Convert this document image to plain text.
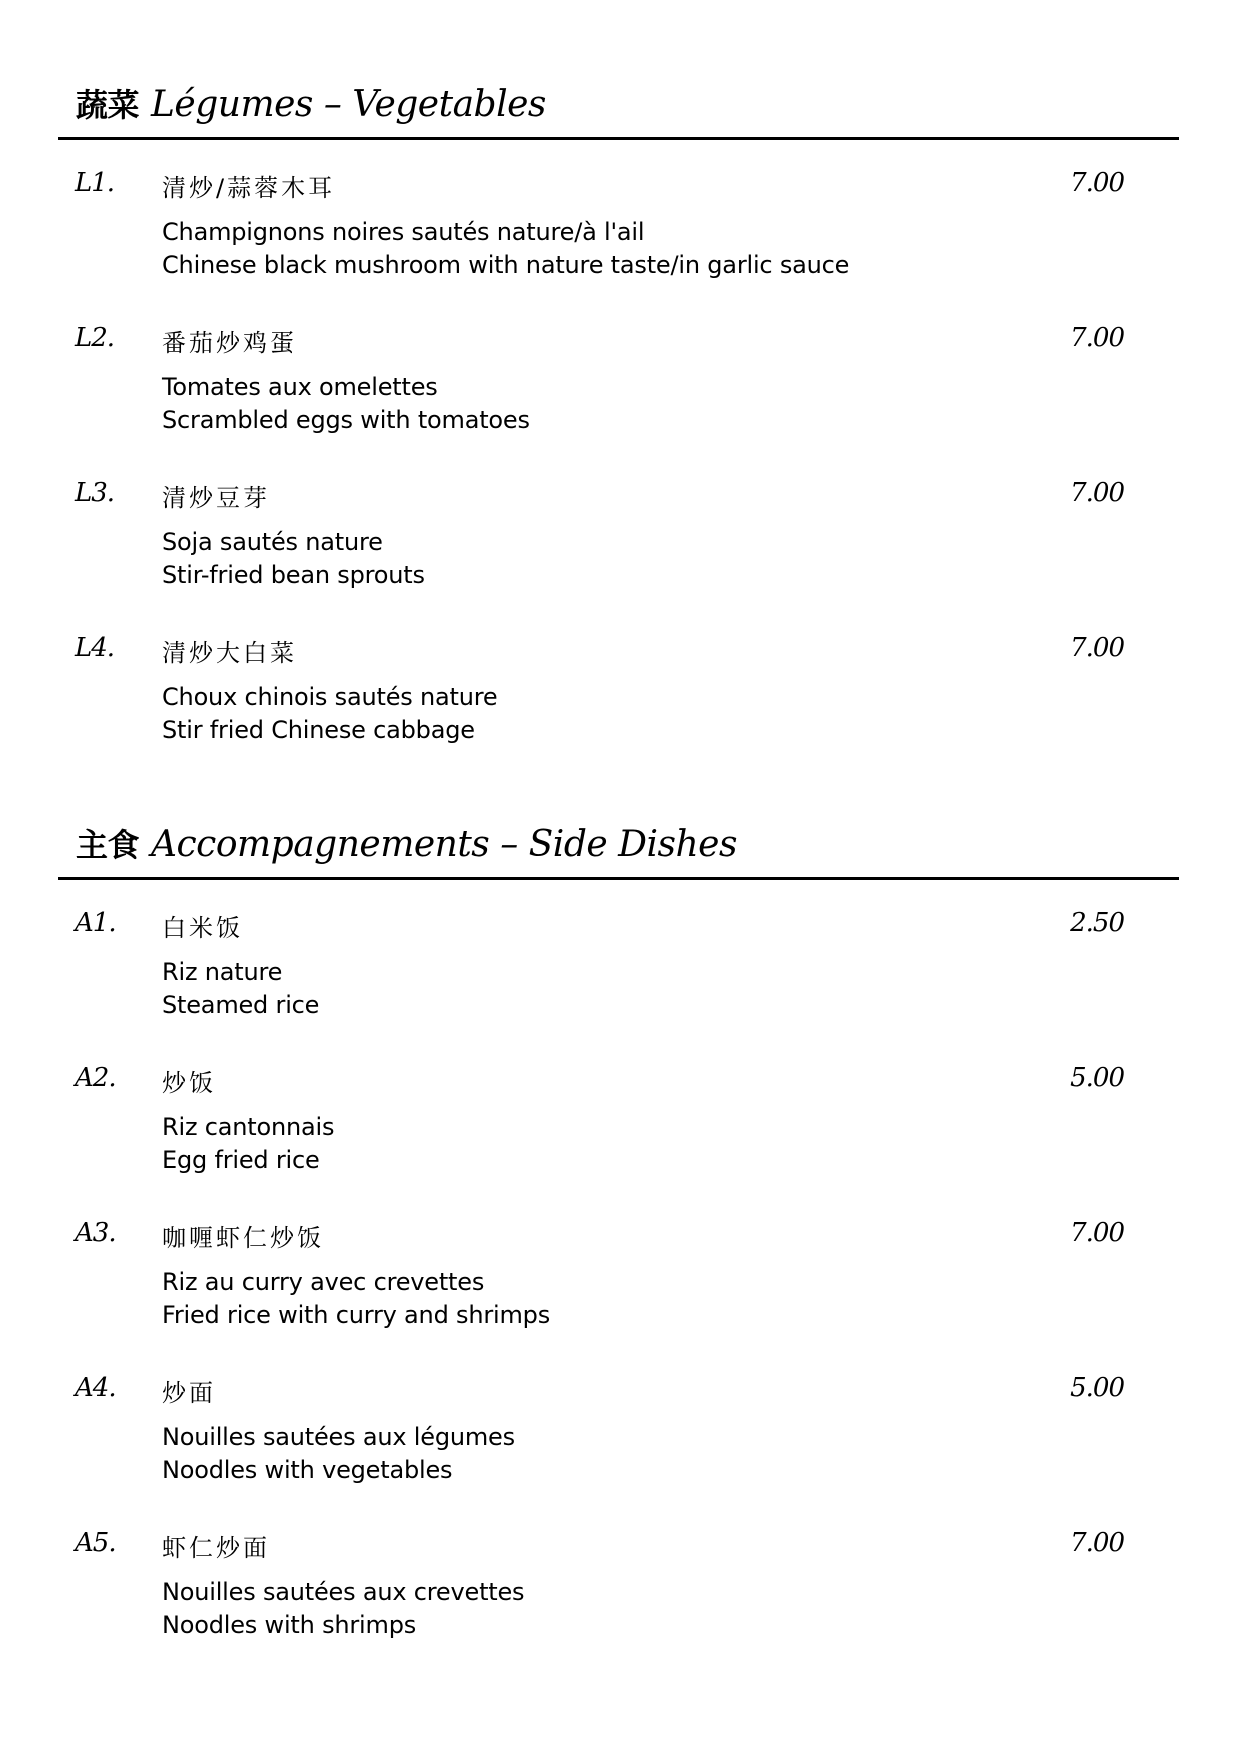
蔬菜 Légumes – Vegetables
L1. 清炒/蒜蓉木耳	7.00
Champignons noires sautés nature/à l'ail
Chinese black mushroom with nature taste/in garlic sauce
L2. 番茄炒鸡蛋	7.00
Tomates aux omelettes
Scrambled eggs with tomatoes
L3. 清炒豆芽	7.00
Soja sautés nature
Stir-fried bean sprouts
L4. 清炒大白菜	7.00
Choux chinois sautés nature
Stir fried Chinese cabbage
主食 Accompagnements – Side Dishes
A1. 白米饭	2.50
Riz nature
Steamed rice
A2. 炒饭	5.00
Riz cantonnais
Egg fried rice
A3. 咖喱虾仁炒饭	7.00
Riz au curry avec crevettes
Fried rice with curry and shrimps
A4. 炒面	5.00
Nouilles sautées aux légumes
Noodles with vegetables
A5. 虾仁炒面	7.00
Nouilles sautées aux crevettes
Noodles with shrimps
